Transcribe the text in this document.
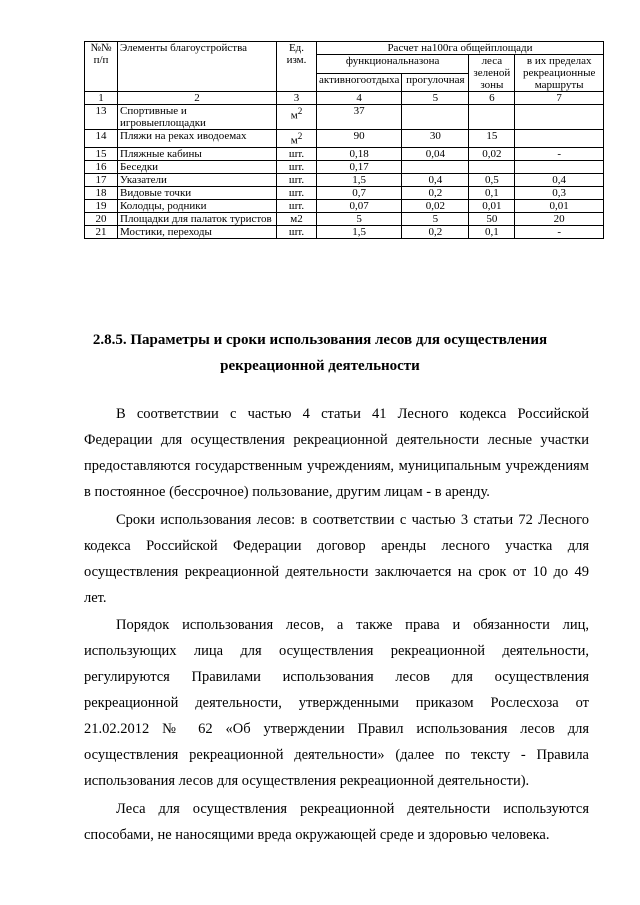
№№ п/п	Элементы благоустройства	Ед. изм.	Расчет на100га общейплощади			
			функциональназона		леса зеленой зоны	в их пределах рекреационные маршруты
			активногоотдыха	прогулочная		
1	2	3	4	5	6	7
13	Спортивные и игровыеплощадки	$м^2$	37			
14	Пляжи на реках иводоемах	$м^2$	90	30	15	
15	Пляжные кабины	шт.	0,18	0,04	0,02	-
16	Беседки	шт.	0,17			
17	Указатели	шт.	1,5	0,4	0,5	0,4
18	Видовые точки	шт.	0,7	0,2	0,1	0,3
19	Колодцы, родники	шт.	0,07	0,02	0,01	0,01
20	Площадки для палаток туристов	м2	5	5	50	20
21	Мостики, переходы	шт.	1,5	0,2	0,1	-
2.8.5. Параметры и сроки использования лесов для осуществления
рекреационной деятельности

В соответствии с частью 4 статьи 41 Лесного кодекса Российской Федерации для осуществления рекреационной деятельности лесные участки предоставляются государственным учреждениям, муниципальным учреждениям в постоянное (бессрочное) пользование, другим лицам - в аренду.

Сроки использования лесов: в соответствии с частью 3 статьи 72 Лесного кодекса Российской Федерации договор аренды лесного участка для осуществления рекреационной деятельности заключается на срок от 10 до 49 лет.

Порядок использования лесов, а также права и обязанности лиц, использующих лица для осуществления рекреационной деятельности, регулируются Правилами использования лесов для осуществления рекреационной деятельности, утвержденными приказом Рослесхоза от 21.02.2012 № 62 «Об утверждении Правил использования лесов для осуществления рекреационной деятельности» (далее по тексту - Правила использования лесов для осуществления рекреационной деятельности).

Леса для осуществления рекреационной деятельности используются способами, не наносящими вреда окружающей среде и здоровью человека.
